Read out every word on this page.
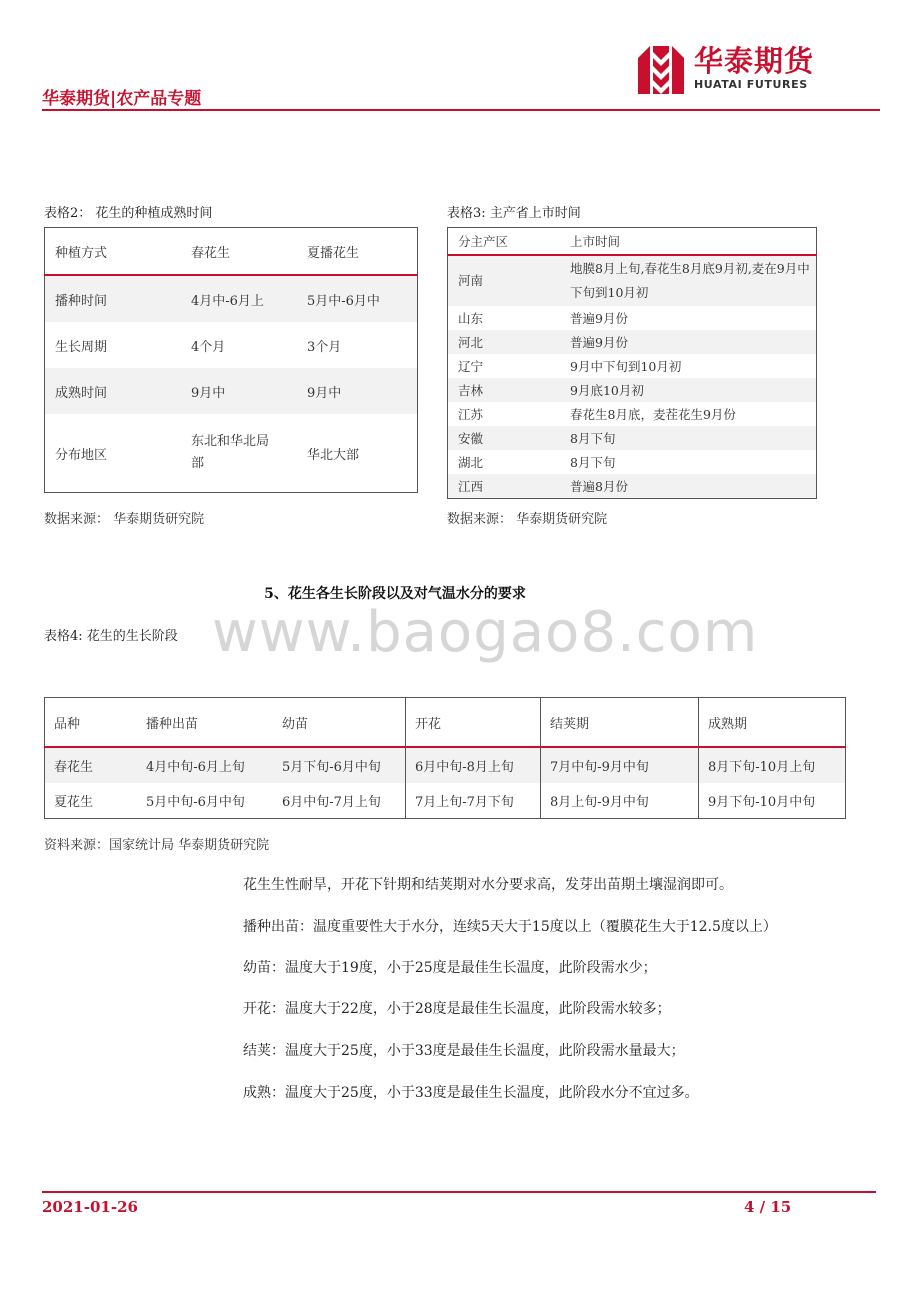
华泰期货|农产品专题
华泰期货
HUATAI FUTURES
表格2： 花生的种植成熟时间
种植方式	春花生	夏播花生
播种时间	4月中-6月上	5月中-6月中
生长周期	4个月	3个月
成熟时间	9月中	9月中
分布地区	东北和华北局部	华北大部
数据来源： 华泰期货研究院
表格3: 主产省上市时间
分主产区	上市时间
河南	地膜8月上旬,春花生8月底9月初,麦在9月中下旬到10月初
山东	普遍9月份
河北	普遍9月份
辽宁	9月中下旬到10月初
吉林	9月底10月初
江苏	春花生8月底，麦茬花生9月份
安徽	8月下旬
湖北	8月下旬
江西	普遍8月份
数据来源： 华泰期货研究院
5、花生各生长阶段以及对气温水分的要求
www.baogao8.com
表格4: 花生的生长阶段
品种	播种出苗	幼苗	开花	结荚期	成熟期
春花生	4月中旬-6月上旬	5月下旬-6月中旬	6月中旬-8月上旬	7月中旬-9月中旬	8月下旬-10月上旬
夏花生	5月中旬-6月中旬	6月中旬-7月上旬	7月上旬-7月下旬	8月上旬-9月中旬	9月下旬-10月中旬
资料来源：国家统计局 华泰期货研究院
花生生性耐旱，开花下针期和结荚期对水分要求高，发芽出苗期土壤湿润即可。
播种出苗：温度重要性大于水分，连续5天大于15度以上（覆膜花生大于12.5度以上）
幼苗：温度大于19度，小于25度是最佳生长温度，此阶段需水少；
开花：温度大于22度，小于28度是最佳生长温度，此阶段需水较多；
结荚：温度大于25度，小于33度是最佳生长温度，此阶段需水量最大；
成熟：温度大于25度，小于33度是最佳生长温度，此阶段水分不宜过多。
2021-01-26	4 / 15
